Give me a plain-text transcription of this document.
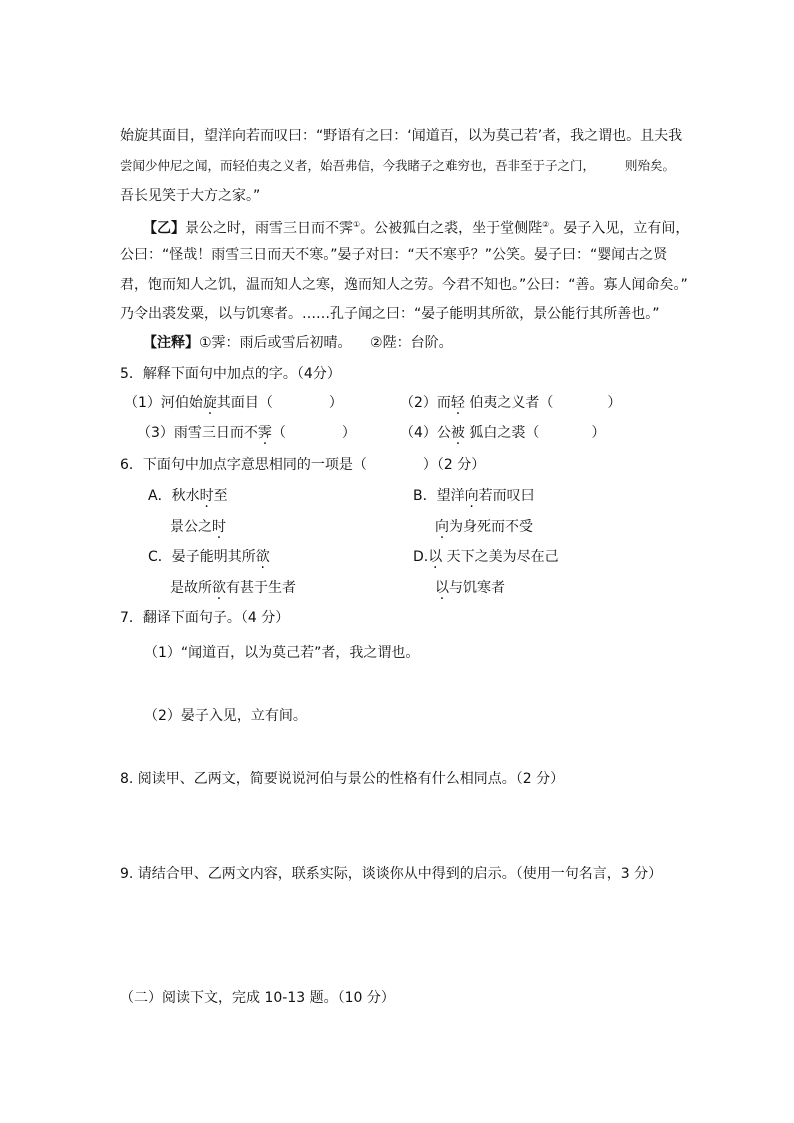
始旋其面目，望洋向若而叹曰：“野语有之曰：‘闻道百，以为莫己若’者，我之谓也。且夫我
尝闻少仲尼之闻，而轻伯夷之义者，始吾弗信，今我睹子之难穷也，吾非至于子之门， 则殆矣。
吾长见笑于大方之家。”
【乙】景公之时，雨雪三日而不霁①。公被狐白之裘，坐于堂侧陛②。晏子入见，立有间，
公曰：“怪哉！雨雪三日而天不寒。”晏子对曰：“天不寒乎？”公笑。晏子曰：“婴闻古之贤
君，饱而知人之饥，温而知人之寒，逸而知人之劳。今君不知也。”公曰：“善。寡人闻命矣。”
乃令出裘发粟，以与饥寒者。……孔子闻之曰：“晏子能明其所欲，景公能行其所善也。”
【注释】①霁：雨后或雪后初晴。 ②陛：台阶。
5．解释下面句中加点的字。（4分）
（1）河伯始旋其面目（	）	（2）而轻 伯夷之义者（	）
（3）雨雪三日而不霁（	）	（4）公被 狐白之裘（	）
6．下面句中加点字意思相同的一项是（	）（2 分）
A．秋水时至
景公之时
B．望洋向若而叹曰
向为身死而不受
C．晏子能明其所欲
是故所欲有甚于生者
D.以 天下之美为尽在己
以与饥寒者
7．翻译下面句子。（4 分）
（1）“闻道百，以为莫己若”者，我之谓也。
（2）晏子入见，立有间。
8. 阅读甲、乙两文，简要说说河伯与景公的性格有什么相同点。（2 分）
9. 请结合甲、乙两文内容，联系实际，谈谈你从中得到的启示。（使用一句名言，3 分）
（二）阅读下文，完成 10-13 题。（10 分）
